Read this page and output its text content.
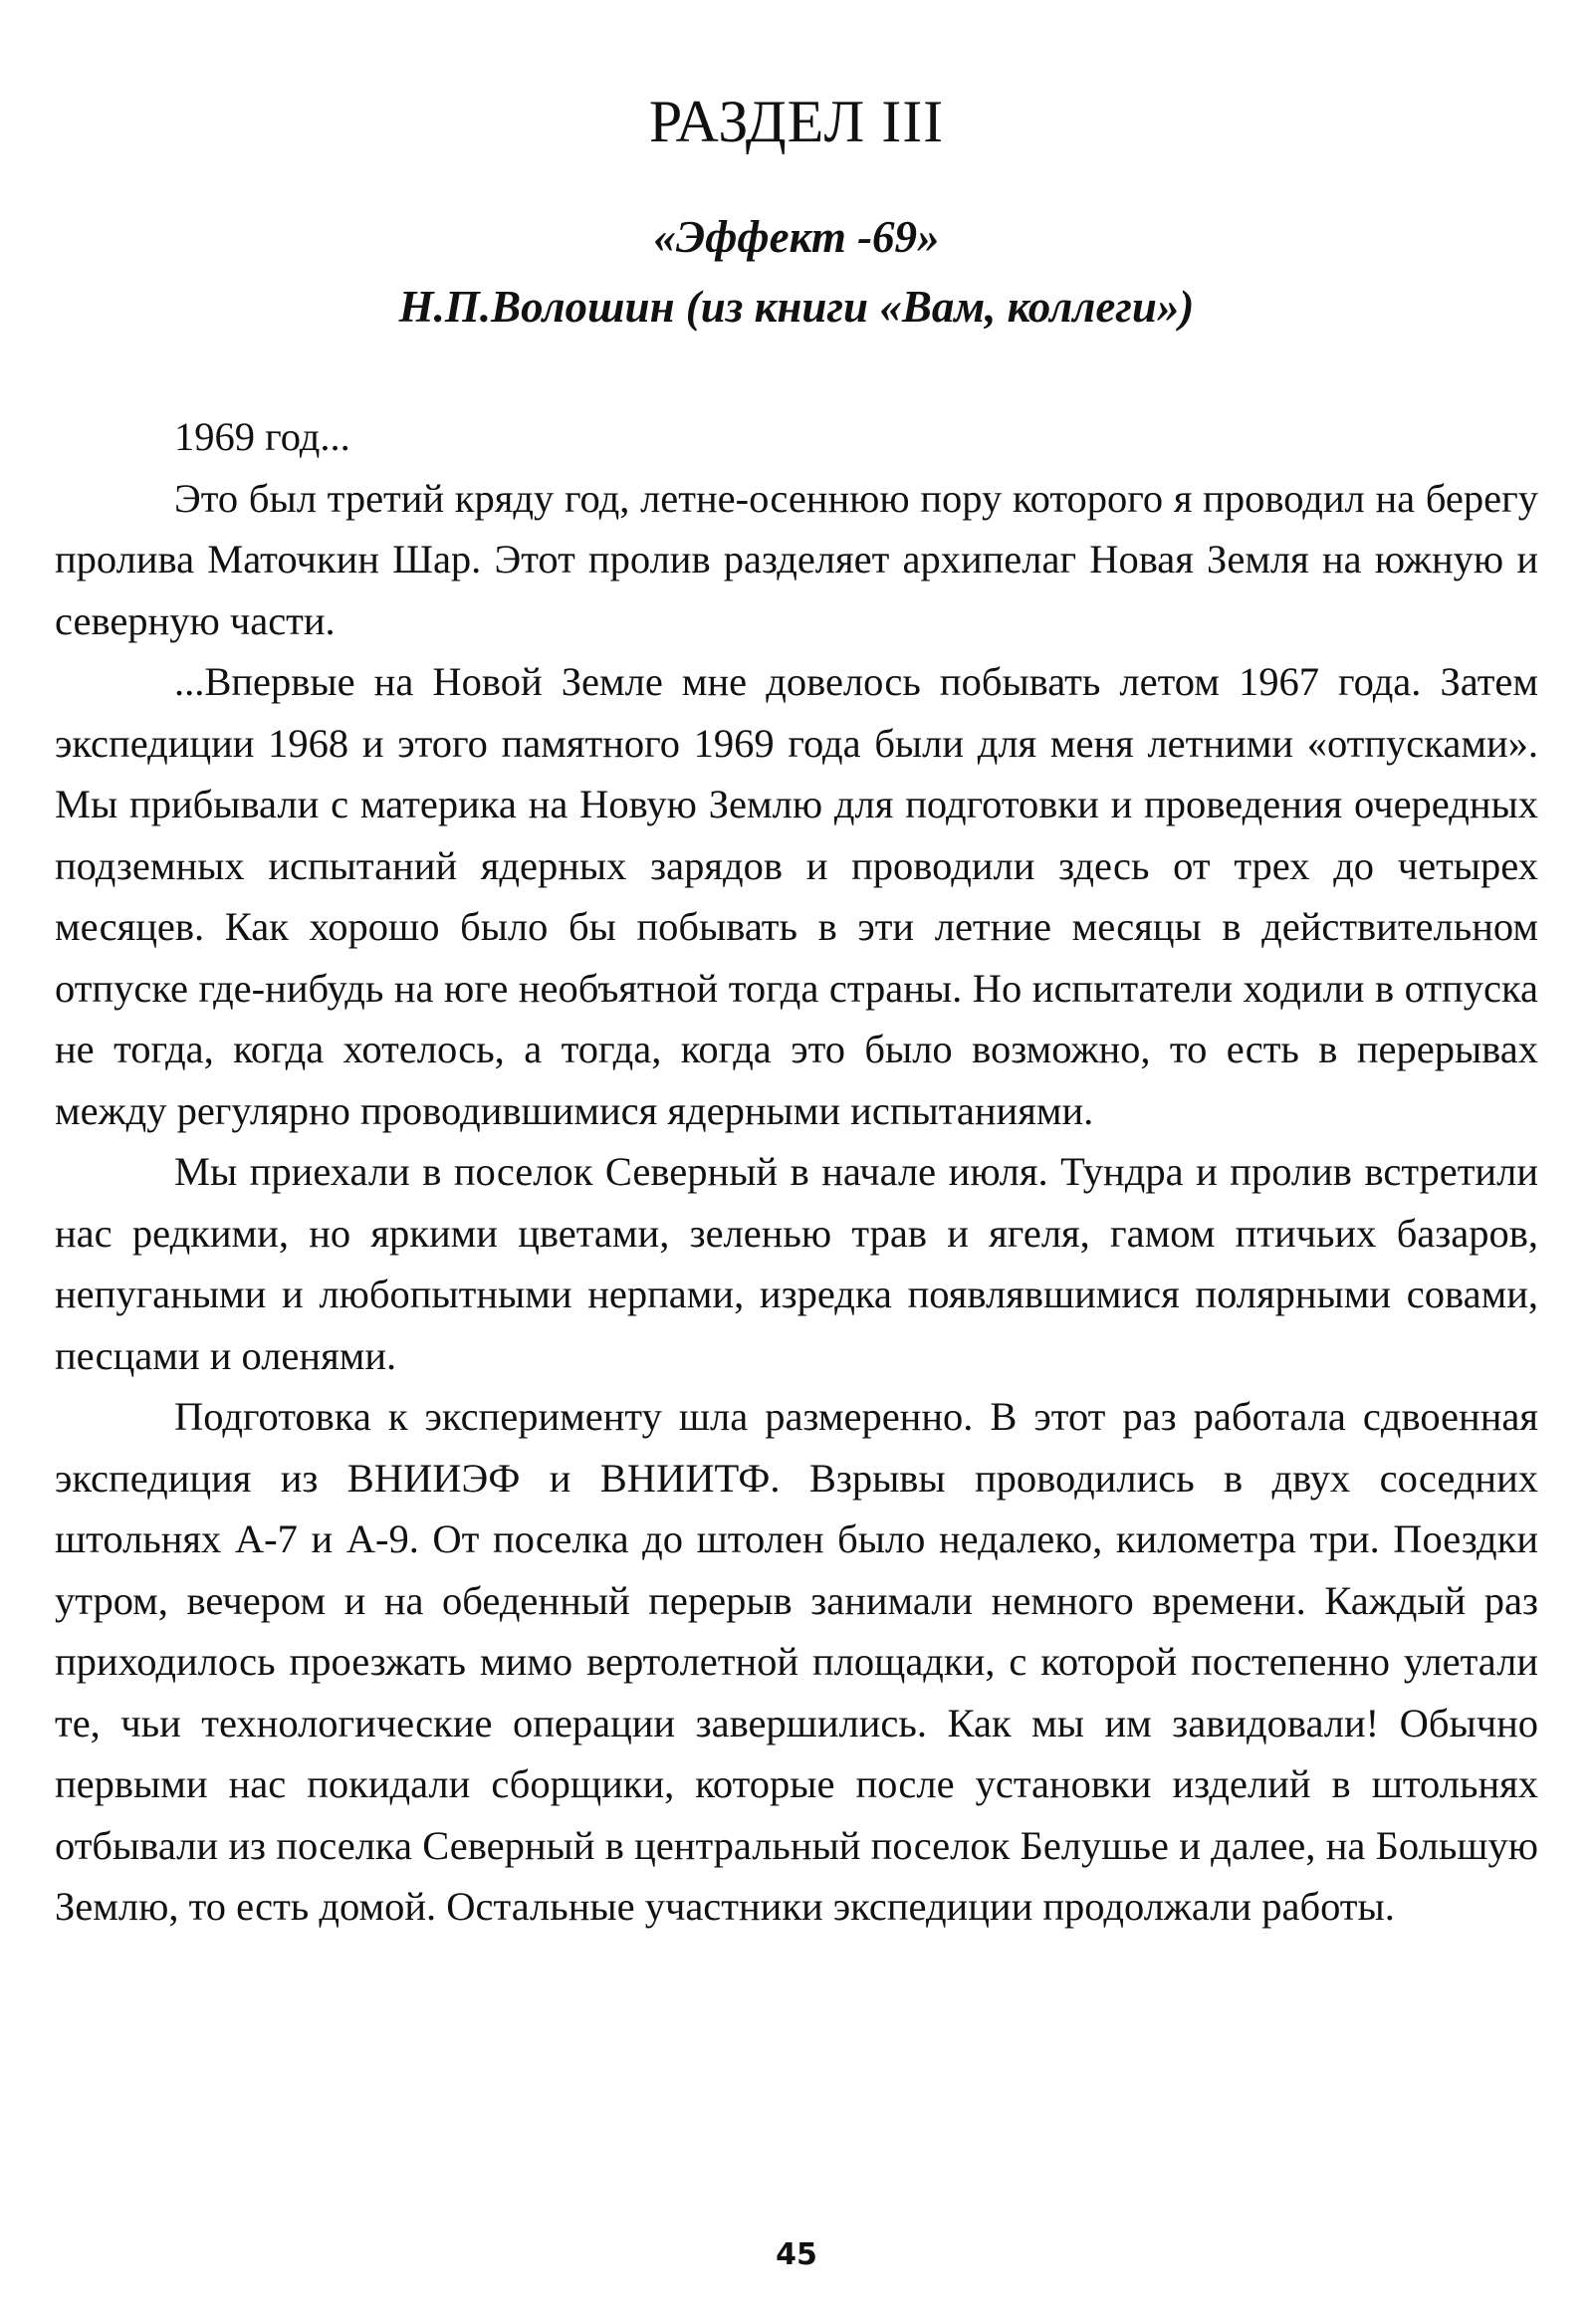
РАЗДЕЛ III
«Эффект -69»
Н.П.Волошин (из книги «Вам, коллеги»)

1969 год...

Это был третий кряду год, летне-осеннюю пору которого я проводил на берегу пролива Маточкин Шар. Этот пролив разделяет архипелаг Новая Земля на южную и северную части.

...Впервые на Новой Земле мне довелось побывать летом 1967 года. Затем экспедиции 1968 и этого памятного 1969 года были для меня летними «отпусками». Мы прибывали с материка на Новую Землю для подготовки и проведения очередных подземных испытаний ядерных зарядов и проводили здесь от трех до четырех месяцев. Как хорошо было бы побывать в эти летние месяцы в действительном отпуске где-нибудь на юге необъятной тогда страны. Но испытатели ходили в отпуска не тогда, когда хотелось, а тогда, когда это было возможно, то есть в перерывах между регулярно проводившимися ядерными испытаниями.

Мы приехали в поселок Северный в начале июля. Тундра и пролив встретили нас редкими, но яркими цветами, зеленью трав и ягеля, гамом птичьих базаров, непугаными и любопытными нерпами, изредка появлявшимися полярными совами, песцами и оленями.

Подготовка к эксперименту шла размеренно. В этот раз работала сдвоенная экспедиция из ВНИИЭФ и ВНИИТФ. Взрывы проводились в двух соседних штольнях А-7 и А-9. От поселка до штолен было недалеко, километра три. Поездки утром, вечером и на обеденный перерыв занимали немного времени. Каждый раз приходилось проезжать мимо вертолетной площадки, с которой постепенно улетали те, чьи технологические операции завершились. Как мы им завидовали! Обычно первыми нас покидали сборщики, которые после установки изделий в штольнях отбывали из поселка Северный в центральный поселок Белушье и далее, на Большую Землю, то есть домой. Остальные участники экспедиции продолжали работы.

45
